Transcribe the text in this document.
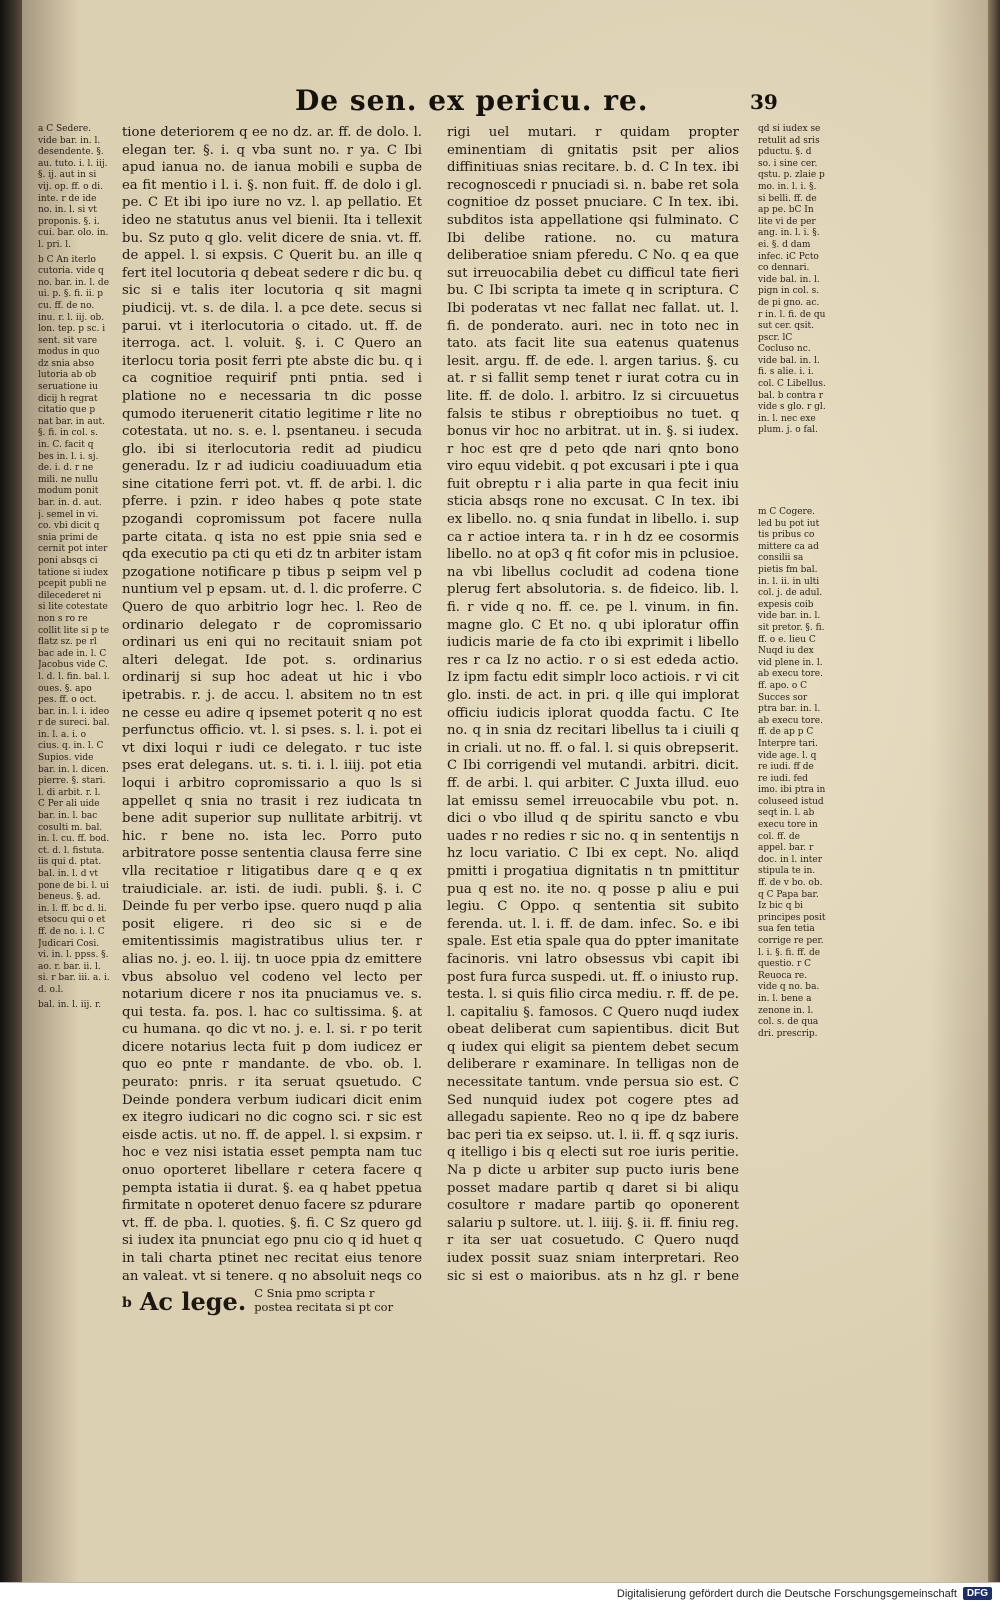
De sen. ex pericu. re.	39

a C Sedere. vide bar. in. l. desendente. §. au. tuto. i. l. iij. §. ij. aut in si vij. op. ff. o di. inte. r de ide no. in. l. si vt proponis. §. i. cui. bar. olo. in. l. pri. l.

b C An iterlo cutoria. vide q no. bar. in. l. de ui. p. §. fi. ii. p cu. ff. de no. inu. r. l. iij. ob. lon. tep. p sc. i sent. sit vare modus in quo dz snia abso lutoria ab ob seruatione iu dicij h regrat citatio que p nat bar. in aut. §. fi. in col. s. in. C. facit q bes in. l. i. sj. de. i. d. r ne mili. ne nullu modum ponit bar. in. d. aut. j. semel in vi. co. vbi dicit q snia primi de cernit pot inter poni absqs ci tatione si iudex pcepit publi ne dilecederet ni si lite cotestate non s ro re collit lite si p te flatz sz. pe rl bac ade in. l. C Jacobus vide C. l. d. l. fin. bal. l. oues. §. apo pes. ff. o oct. bar. in. l. i. ideo r de sureci. bal. in. l. a. i. o cius. q. in. l. C Supios. vide bar. in. l. dicen. pierre. §. stari. l. di arbit. r. l. C Per ali uide bar. in. l. bac cosulti m. bal. in. l. cu. ff. bod. ct. d. l. fistuta. iis qui d. ptat. bal. in. l. d vt pone de bi. l. ui beneus. §. ad. in. l. ff. bc d. li. etsocu qui o et ff. de no. i. l. C Judicari Cosi. vi. in. l. ppss. §. ao. r. bar. ii. l. si. r bar. iii. a. i. d. o.l.

bal. in. l. iij. r.

tione deteriorem q ee no dz. ar. ff. de dolo. l. elegan ter. §. i. q vba sunt no. r ya. C Ibi apud ianua no. de ianua mobili e supba de ea fit mentio i l. i. §. non fuit. ff. de dolo i gl. pe. C Et ibi ipo iure no vz. l. ap pellatio. Et ideo ne statutus anus vel bienii. Ita i tellexit bu. Sz puto q glo. velit dicere de snia. vt. ff. de appel. l. si expsis. C Querit bu. an ille q fert itel locutoria q debeat sedere r dic bu. q sic si e talis iter locutoria q sit magni piudicij. vt. s. de dila. l. a pce dete. secus si parui. vt i iterlocutoria o citado. ut. ff. de iterroga. act. l. voluit. §. i. C Quero an iterlocu toria posit ferri pte abste dic bu. q i ca cognitioe requirif pnti pntia. sed i platione no e necessaria tn dic posse qumodo iteruenerit citatio legitime r lite no cotestata. ut no. s. e. l. psentaneu. i secuda glo. ibi si iterlocutoria redit ad piudicu generadu. Iz r ad iudiciu coadiuuadum etia sine citatione ferri pot. vt. ff. de arbi. l. dic pferre. i pzin. r ideo habes q pote state pzogandi copromissum pot facere nulla parte citata. q ista no est ppie snia sed e qda executio pa cti qu eti dz tn arbiter istam pzogatione notificare p tibus p seipm vel p nuntium vel p epsam. ut. d. l. dic proferre. C Quero de quo arbitrio logr hec. l. Reo de ordinario delegato r de copromissario ordinari us eni qui no recitauit sniam pot alteri delegat. Ide pot. s. ordinarius ordinarij si sup hoc adeat ut hic i vbo ipetrabis. r. j. de accu. l. absitem no tn est ne cesse eu adire q ipsemet poterit q no est perfunctus officio. vt. l. si pses. s. l. i. pot ei vt dixi loqui r iudi ce delegato. r tuc iste pses erat delegans. ut. s. ti. i. l. iiij. pot etia loqui i arbitro copromissario a quo ls si appellet q snia no trasit i rez iudicata tn bene adit superior sup nullitate arbitrij. vt hic. r bene no. ista lec. Porro puto arbitratore posse sententia clausa ferre sine vlla recitatioe r litigatibus dare q e q ex traiudiciale. ar. isti. de iudi. publi. §. i. C Deinde fu per verbo ipse. quero nuqd p alia posit eligere. ri deo sic si e de emitentissimis magistratibus ulius ter. r alias no. j. eo. l. iij. tn uoce ppia dz emittere vbus absoluo vel codeno vel lecto per notarium dicere r nos ita pnuciamus ve. s. qui testa. fa. pos. l. hac co sultissima. §. at cu humana. qo dic vt no. j. e. l. si. r po terit dicere notarius lecta fuit p dom iudicez er quo eo pnte r mandante. de vbo. ob. l. peurato: pnris. r ita seruat qsuetudo. C Deinde pondera verbum iudicari dicit enim ex itegro iudicari no dic cogno sci. r sic est eisde actis. ut no. ff. de appel. l. si expsim. r hoc e vez nisi istatia esset pempta nam tuc onuo oporteret libellare r cetera facere q pempta istatia ii durat. §. ea q habet ppetua firmitate n opoteret denuo facere sz pdurare vt. ff. de pba. l. quoties. §. fi. C Sz quero gd si iudex ita pnunciat ego pnu cio q id huet q in tali charta ptinet nec recitat eius tenore an valeat. vt si tenere. q no absoluit neqs co

b Ac lege. C Snia pmo scripta r
postea recitata si pt cor

rigi uel mutari. r quidam propter eminentiam di gnitatis psit per alios diffinitiuas snias recitare. b. d. C In tex. ibi recognoscedi r pnuciadi si. n. babe ret sola cognitioe dz posset pnuciare. C In tex. ibi. subditos ista appellatione qsi fulminato. C Ibi delibe ratione. no. cu matura deliberatioe sniam pferedu. C No. q ea que sut irreuocabilia debet cu difficul tate fieri bu. C Ibi scripta ta imete q in scriptura. C Ibi poderatas vt nec fallat nec fallat. ut. l. fi. de ponderato. auri. nec in toto nec in tato. ats facit lite sua eatenus quatenus lesit. argu. ff. de ede. l. argen tarius. §. cu at. r si fallit semp tenet r iurat cotra cu in lite. ff. de dolo. l. arbitro. Iz si circuuetus falsis te stibus r obreptioibus no tuet. q bonus vir hoc no arbitrat. ut in. §. si iudex. r hoc est qre d peto qde nari qnto bono viro equu videbit. q pot excusari i pte i qua fuit obreptu r i alia parte in qua fecit iniu sticia absqs rone no excusat. C In tex. ibi ex libello. no. q snia fundat in libello. i. sup ca r actioe intera ta. r in h dz ee cosormis libello. no at op3 q fit cofor mis in pclusioe. na vbi libellus cocludit ad codena tione plerug fert absolutoria. s. de fideico. lib. l. fi. r vide q no. ff. ce. pe l. vinum. in fin. magne glo. C Et no. q ubi iploratur offin iudicis marie de fa cto ibi exprimit i libello res r ca Iz no actio. r o si est ededa actio. Iz ipm factu edit simplr loco actiois. r vi cit glo. insti. de act. in pri. q ille qui implorat officiu iudicis iplorat quodda factu. C Ite no. q in snia dz recitari libellus ta i ciuili q in criali. ut no. ff. o fal. l. si quis obrepserit. C Ibi corrigendi vel mutandi. arbitri. dicit. ff. de arbi. l. qui arbiter. C Juxta illud. euo lat emissu semel irreuocabile vbu pot. n. dici o vbo illud q de spiritu sancto e vbu uades r no redies r sic no. q in sententijs n hz locu variatio. C Ibi ex cept. No. aliqd pmitti i progatiua dignitatis n tn pmittitur pua q est no. ite no. q posse p aliu e pui legiu. C Oppo. q sententia sit subito ferenda. ut. l. i. ff. de dam. infec. So. e ibi spale. Est etia spale qua do ppter imanitate facinoris. vni latro obsessus vbi capit ibi post fura furca suspedi. ut. ff. o iniusto rup. testa. l. si quis filio circa mediu. r. ff. de pe. l. capitaliu §. famosos. C Quero nuqd iudex obeat deliberat cum sapientibus. dicit But q iudex qui eligit sa pientem debet secum deliberare r examinare. In telligas non de necessitate tantum. vnde persua sio est. C Sed nunquid iudex pot cogere ptes ad allegadu sapiente. Reo no q ipe dz babere bac peri tia ex seipso. ut. l. ii. ff. q sqz iuris. q itelligo i bis q electi sut roe iuris peritie. Na p dicte u arbiter sup pucto iuris bene posset madare partib q daret si bi aliqu cosultore r madare partib qo oponerent salariu p sultore. ut. l. iiij. §. ii. ff. finiu reg. r ita ser uat cosuetudo. C Quero nuqd iudex possit suaz sniam interpretari. Reo sic si est o maioribus. ats n hz gl. r bene

qd si iudex se retulit ad sris pductu. §. d so. i sine cer. qstu. p. zlaie p mo. in. l. i. §. si belli. ff. de ap pe. bC In lite vi de per ang. in. l. i. §. ei. §. d dam infec. iC Pcto co dennari. vide bal. in. l. pign in col. s. de pi gno. ac. r in. l. fi. de qu sut cer. qsit. pscr. lC Cocluso nc. vide bal. in. l. fi. s alie. i. i. col. C Libellus. bal. b contra r vide s glo. r gl. in. l. nec exe plum. j. o fal.

m C Cogere. led bu pot iut tis pribus co mittere ca ad consilii sa pietis fm bal. in. l. ii. in ulti col. j. de adul. expesis coib vide bar. in. l. sit pretor. §. fi. ff. o e. lieu C Nuqd iu dex vid plene in. l. ab execu tore. ff. apo. o C Succes sor ptra bar. in. l. ab execu tore. ff. de ap p C Interpre tari. vide age. l. q re iudi. ff de re iudi. fed imo. ibi ptra in coluseed istud seqt in. l. ab execu tore in col. ff. de appel. bar. r doc. in l. inter stipula te in. ff. de v bo. ob. q C Papa bar. Iz bic q bi principes posit sua fen tetia corrige re per. l. i. §. fi. ff. de questio. r C Reuoca re. vide q no. ba. in. l. bene a zenone in. l. col. s. de qua dri. prescrip.

Digitalisierung gefördert durch die Deutsche Forschungsgemeinschaft	DFG
